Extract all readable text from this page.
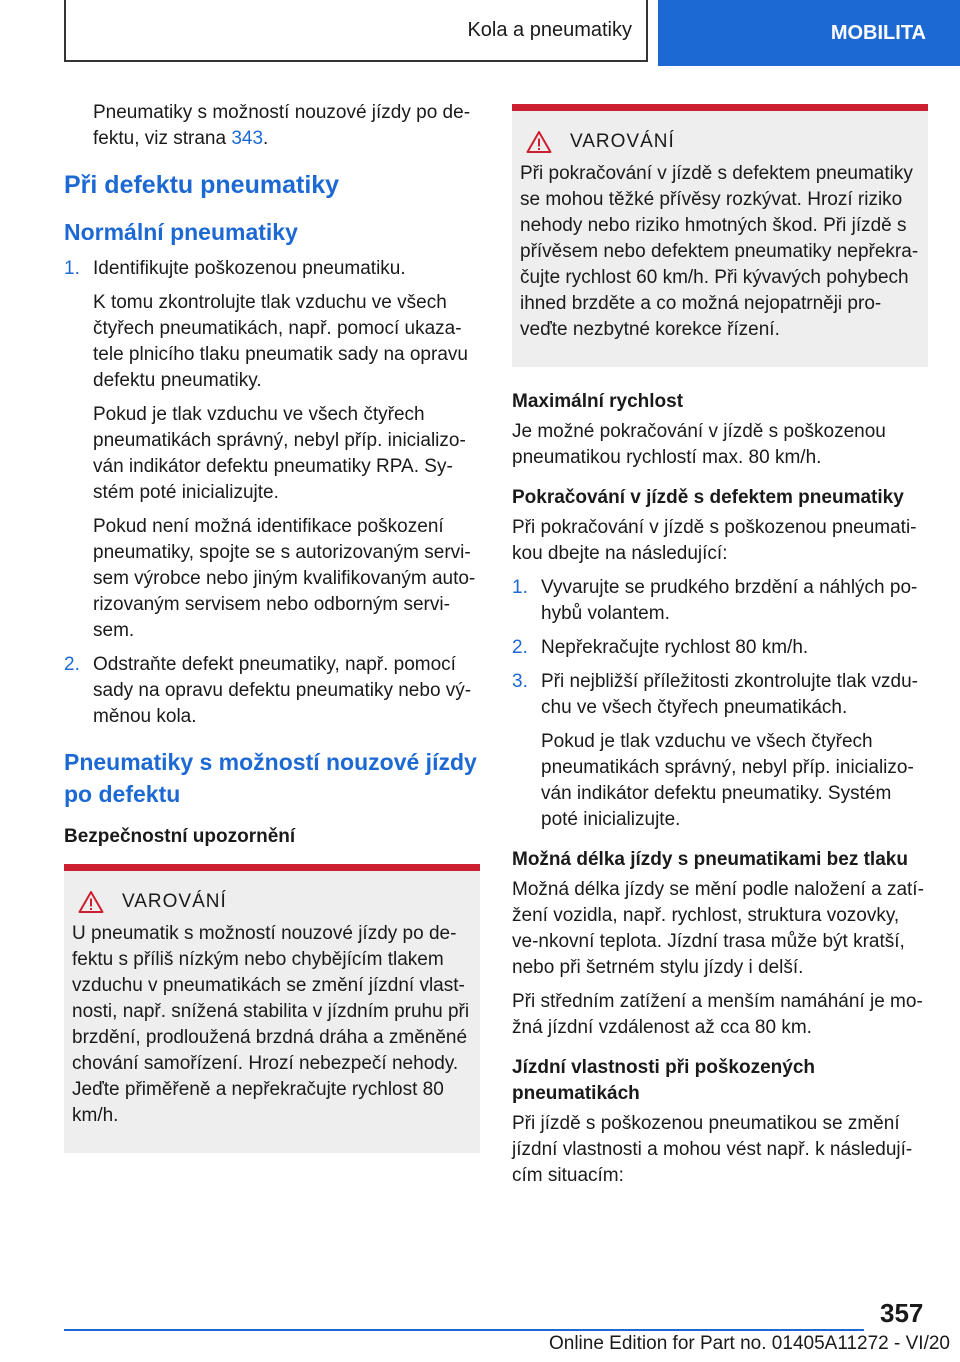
Kola a pneumatiky	MOBILITA

Pneumatiky s možností nouzové jízdy po de-fektu, viz strana 343.

Při defektu pneumatiky
Normální pneumatiky
1. Identifikujte poškozenou pneumatiku.

K tomu zkontrolujte tlak vzduchu ve všech čtyřech pneumatikách, např. pomocí ukaza-tele plnicího tlaku pneumatik sady na opravu defektu pneumatiky.

Pokud je tlak vzduchu ve všech čtyřech pneumatikách správný, nebyl příp. inicializo-ván indikátor defektu pneumatiky RPA. Sy-stém poté inicializujte.

Pokud není možná identifikace poškození pneumatiky, spojte se s autorizovaným servi-sem výrobce nebo jiným kvalifikovaným auto-rizovaným servisem nebo odborným servi-sem.

2. Odstraňte defekt pneumatiky, např. pomocí sady na opravu defektu pneumatiky nebo vý-měnou kola.

Pneumatiky s možností nouzové jízdy po defektu
Bezpečnostní upozornění
VAROVÁNÍ

U pneumatik s možností nouzové jízdy po de-fektu s příliš nízkým nebo chybějícím tlakem vzduchu v pneumatikách se změní jízdní vlast-nosti, např. snížená stabilita v jízdním pruhu při brzdění, prodloužená brzdná dráha a změněné chování samořízení. Hrozí nebezpečí nehody. Jeďte přiměřeně a nepřekračujte rychlost 80 km/h.

VAROVÁNÍ

Při pokračování v jízdě s defektem pneumatiky se mohou těžké přívěsy rozkývat. Hrozí riziko nehody nebo riziko hmotných škod. Při jízdě s přívěsem nebo defektem pneumatiky nepřekra-čujte rychlost 60 km/h. Při kývavých pohybech ihned brzděte a co možná nejopatrněji pro-veďte nezbytné korekce řízení.

Maximální rychlost

Je možné pokračování v jízdě s poškozenou pneumatikou rychlostí max. 80 km/h.

Pokračování v jízdě s defektem pneumatiky

Při pokračování v jízdě s poškozenou pneumati-kou dbejte na následující:

1. Vyvarujte se prudkého brzdění a náhlých po-hybů volantem.

2. Nepřekračujte rychlost 80 km/h.

3. Při nejbližší příležitosti zkontrolujte tlak vzdu-chu ve všech čtyřech pneumatikách.

Pokud je tlak vzduchu ve všech čtyřech pneumatikách správný, nebyl příp. inicializo-ván indikátor defektu pneumatiky. Systém poté inicializujte.

Možná délka jízdy s pneumatikami bez tlaku

Možná délka jízdy se mění podle naložení a zatí-žení vozidla, např. rychlost, struktura vozovky, ve-nkovní teplota. Jízdní trasa může být kratší, nebo při šetrném stylu jízdy i delší.

Při středním zatížení a menším namáhání je mo-žná jízdní vzdálenost až cca 80 km.

Jízdní vlastnosti při poškozených pneumatikách

Při jízdě s poškozenou pneumatikou se změní jízdní vlastnosti a mohou vést např. k následují-cím situacím:

357
Online Edition for Part no. 01405A11272 - VI/20
